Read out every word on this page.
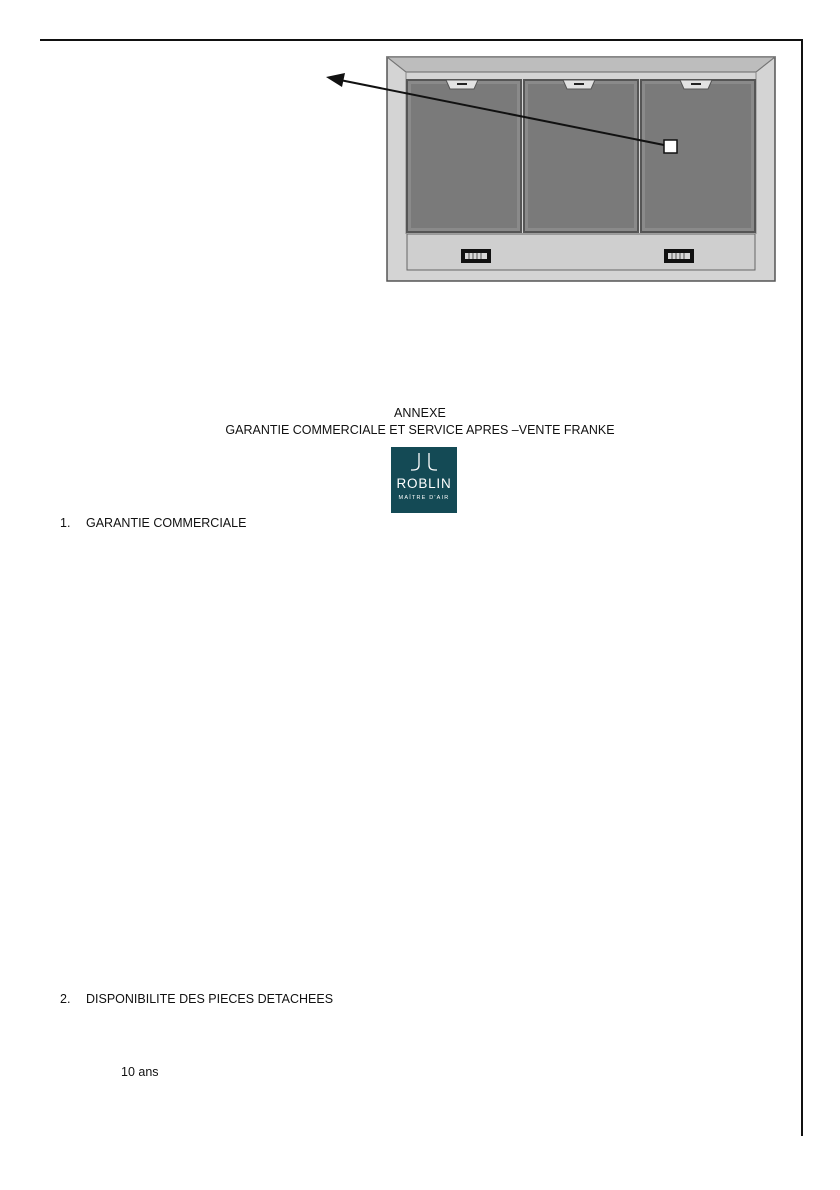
ANNEXE
GARANTIE COMMERCIALE ET SERVICE APRES –VENTE FRANKE
ROBLIN
MAÎTRE D'AIR
1. GARANTIE COMMERCIALE
2. DISPONIBILITE DES PIECES DETACHEES
10 ans
